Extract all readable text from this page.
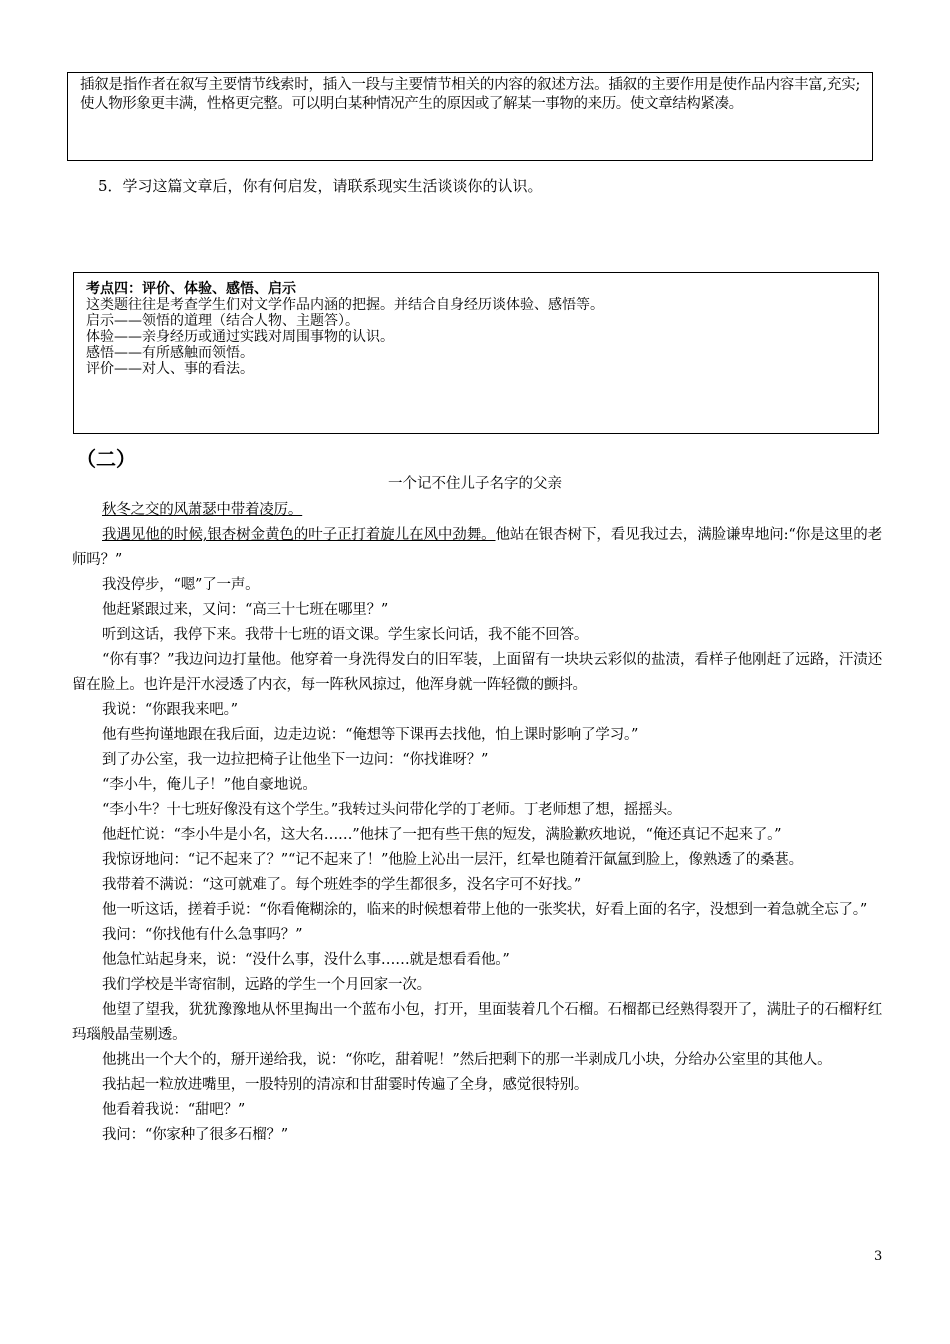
插叙是指作者在叙写主要情节线索时，插入一段与主要情节相关的内容的叙述方法。插叙的主要作用是使作品内容丰富,充实;使人物形象更丰满，性格更完整。可以明白某种情况产生的原因或了解某一事物的来历。使文章结构紧凑。

5．学习这篇文章后，你有何启发，请联系现实生活谈谈你的认识。

考点四：评价、体验、感悟、启示

这类题往往是考查学生们对文学作品内涵的把握。并结合自身经历谈体验、感悟等。

启示——领悟的道理（结合人物、主题答）。

体验——亲身经历或通过实践对周围事物的认识。

感悟——有所感触而领悟。

评价——对人、事的看法。

（二）

一个记不住儿子名字的父亲

秋冬之交的风萧瑟中带着凌厉。

我遇见他的时候,银杏树金黄色的叶子正打着旋儿在风中劲舞。他站在银杏树下，看见我过去，满脸谦卑地问:“你是这里的老师吗？”

我没停步，“嗯”了一声。

他赶紧跟过来，又问：“高三十七班在哪里？”

听到这话，我停下来。我带十七班的语文课。学生家长问话，我不能不回答。

“你有事？”我边问边打量他。他穿着一身洗得发白的旧军装，上面留有一块块云彩似的盐渍，看样子他刚赶了远路，汗渍还留在脸上。也许是汗水浸透了内衣，每一阵秋风掠过，他浑身就一阵轻微的颤抖。

我说：“你跟我来吧。”

他有些拘谨地跟在我后面，边走边说：“俺想等下课再去找他，怕上课时影响了学习。”

到了办公室，我一边拉把椅子让他坐下一边问：“你找谁呀？”

“李小牛，俺儿子！”他自豪地说。

“李小牛？十七班好像没有这个学生。”我转过头问带化学的丁老师。丁老师想了想，摇摇头。

他赶忙说：“李小牛是小名，这大名……”他抹了一把有些干焦的短发，满脸歉疚地说，“俺还真记不起来了。”

我惊讶地问：“记不起来了？”“记不起来了！”他脸上沁出一层汗，红晕也随着汗氤氲到脸上，像熟透了的桑葚。

我带着不满说：“这可就难了。每个班姓李的学生都很多，没名字可不好找。”

他一听这话，搓着手说：“你看俺糊涂的，临来的时候想着带上他的一张奖状，好看上面的名字，没想到一着急就全忘了。”

我问：“你找他有什么急事吗？”

他急忙站起身来，说：“没什么事，没什么事……就是想看看他。”

我们学校是半寄宿制，远路的学生一个月回家一次。

他望了望我，犹犹豫豫地从怀里掏出一个蓝布小包，打开，里面装着几个石榴。石榴都已经熟得裂开了，满肚子的石榴籽红玛瑙般晶莹剔透。

他挑出一个大个的，掰开递给我，说：“你吃，甜着呢！”然后把剩下的那一半剥成几小块，分给办公室里的其他人。

我拈起一粒放进嘴里，一股特别的清凉和甘甜霎时传遍了全身，感觉很特别。

他看着我说：“甜吧？”

我问：“你家种了很多石榴？”

3
